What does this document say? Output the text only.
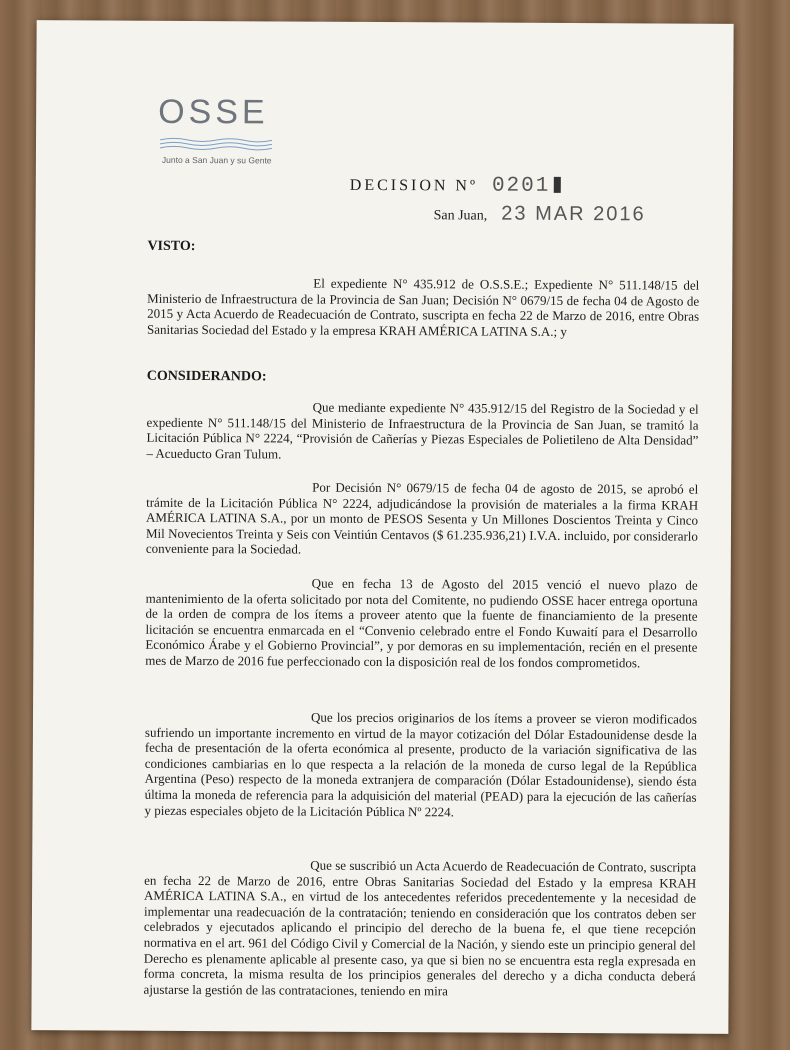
OSSE
Junto a San Juan y su Gente
DECISION Nº 0201
San Juan, 23 MAR 2016
VISTO:
El expediente N° 435.912 de O.S.S.E.; Expediente N° 511.148/15 del Ministerio de Infraestructura de la Provincia de San Juan; Decisión N° 0679/15 de fecha 04 de Agosto de 2015 y Acta Acuerdo de Readecuación de Contrato, suscripta en fecha 22 de Marzo de 2016, entre Obras Sanitarias Sociedad del Estado y la empresa KRAH AMÉRICA LATINA S.A.; y
CONSIDERANDO:
Que mediante expediente N° 435.912/15 del Registro de la Sociedad y el expediente N° 511.148/15 del Ministerio de Infraestructura de la Provincia de San Juan, se tramitó la Licitación Pública N° 2224, “Provisión de Cañerías y Piezas Especiales de Polietileno de Alta Densidad” – Acueducto Gran Tulum.
Por Decisión N° 0679/15 de fecha 04 de agosto de 2015, se aprobó el trámite de la Licitación Pública N° 2224, adjudicándose la provisión de materiales a la firma KRAH AMÉRICA LATINA S.A., por un monto de PESOS Sesenta y Un Millones Doscientos Treinta y Cinco Mil Novecientos Treinta y Seis con Veintiún Centavos ($ 61.235.936,21) I.V.A. incluido, por considerarlo conveniente para la Sociedad.
Que en fecha 13 de Agosto del 2015 venció el nuevo plazo de mantenimiento de la oferta solicitado por nota del Comitente, no pudiendo OSSE hacer entrega oportuna de la orden de compra de los ítems a proveer atento que la fuente de financiamiento de la presente licitación se encuentra enmarcada en el “Convenio celebrado entre el Fondo Kuwaití para el Desarrollo Económico Árabe y el Gobierno Provincial”, y por demoras en su implementación, recién en el presente mes de Marzo de 2016 fue perfeccionado con la disposición real de los fondos comprometidos.
Que los precios originarios de los ítems a proveer se vieron modificados sufriendo un importante incremento en virtud de la mayor cotización del Dólar Estadounidense desde la fecha de presentación de la oferta económica al presente, producto de la variación significativa de las condiciones cambiarias en lo que respecta a la relación de la moneda de curso legal de la República Argentina (Peso) respecto de la moneda extranjera de comparación (Dólar Estadounidense), siendo ésta última la moneda de referencia para la adquisición del material (PEAD) para la ejecución de las cañerías y piezas especiales objeto de la Licitación Pública Nº 2224.
Que se suscribió un Acta Acuerdo de Readecuación de Contrato, suscripta en fecha 22 de Marzo de 2016, entre Obras Sanitarias Sociedad del Estado y la empresa KRAH AMÉRICA LATINA S.A., en virtud de los antecedentes referidos precedentemente y la necesidad de implementar una readecuación de la contratación; teniendo en consideración que los contratos deben ser celebrados y ejecutados aplicando el principio del derecho de la buena fe, el que tiene recepción normativa en el art. 961 del Código Civil y Comercial de la Nación, y siendo este un principio general del Derecho es plenamente aplicable al presente caso, ya que si bien no se encuentra esta regla expresada en forma concreta, la misma resulta de los principios generales del derecho y a dicha conducta deberá ajustarse la gestión de las contrataciones, teniendo en mira
